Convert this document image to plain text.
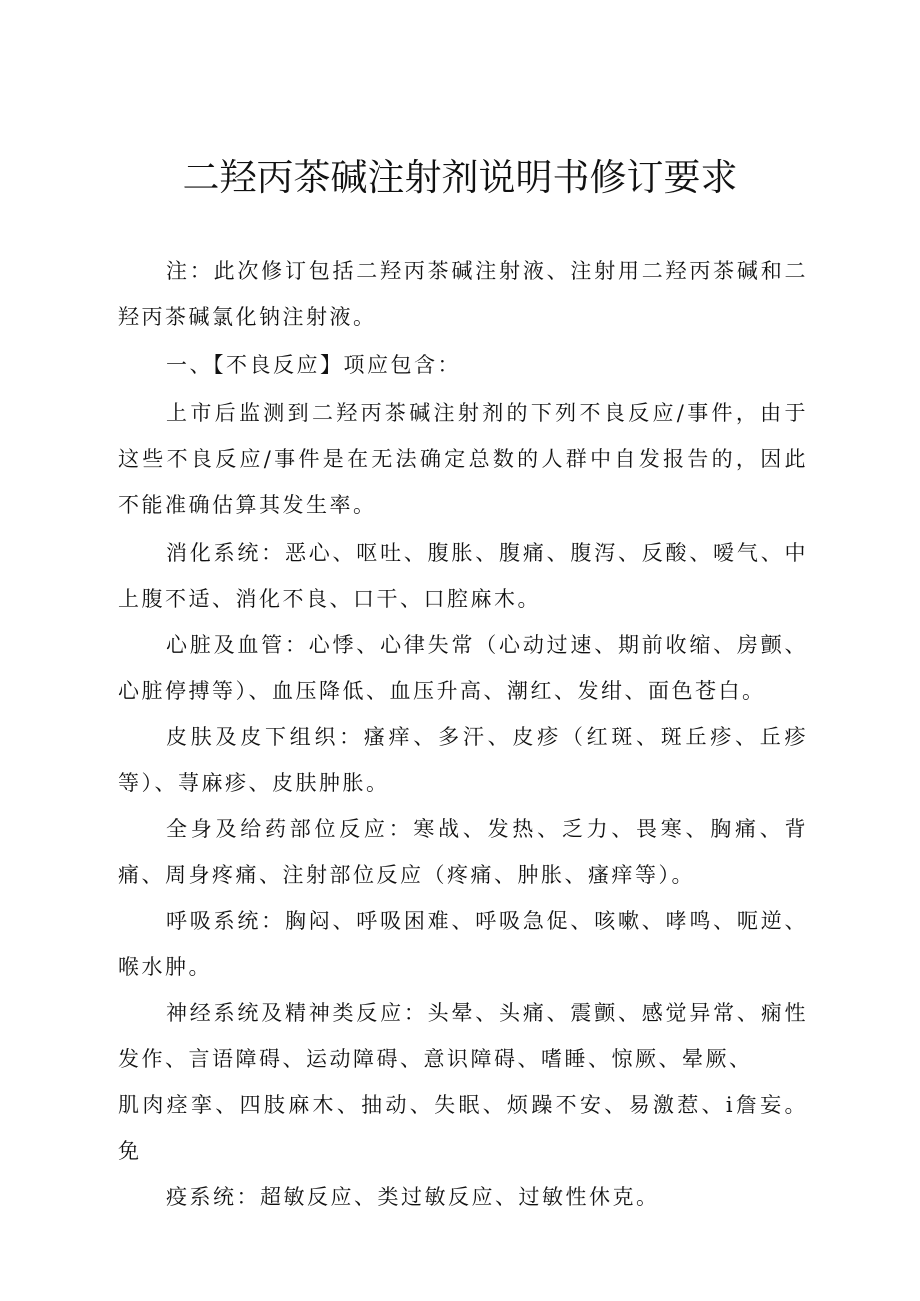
二羟丙茶碱注射剂说明书修订要求

注：此次修订包括二羟丙茶碱注射液、注射用二羟丙茶碱和二羟丙茶碱氯化钠注射液。

一、【不良反应】项应包含：

上市后监测到二羟丙茶碱注射剂的下列不良反应/事件，由于这些不良反应/事件是在无法确定总数的人群中自发报告的，因此不能准确估算其发生率。

消化系统：恶心、呕吐、腹胀、腹痛、腹泻、反酸、嗳气、中上腹不适、消化不良、口干、口腔麻木。

心脏及血管：心悸、心律失常（心动过速、期前收缩、房颤、心脏停搏等）、血压降低、血压升高、潮红、发绀、面色苍白。

皮肤及皮下组织：瘙痒、多汗、皮疹（红斑、斑丘疹、丘疹等）、荨麻疹、皮肤肿胀。

全身及给药部位反应：寒战、发热、乏力、畏寒、胸痛、背痛、周身疼痛、注射部位反应（疼痛、肿胀、瘙痒等）。

呼吸系统：胸闷、呼吸困难、呼吸急促、咳嗽、哮鸣、呃逆、喉水肿。

神经系统及精神类反应：头晕、头痛、震颤、感觉异常、痫性发作、言语障碍、运动障碍、意识障碍、嗜睡、惊厥、晕厥、
肌肉痉挛、四肢麻木、抽动、失眠、烦躁不安、易激惹、i詹妄。免
疫系统：超敏反应、类过敏反应、过敏性休克。
